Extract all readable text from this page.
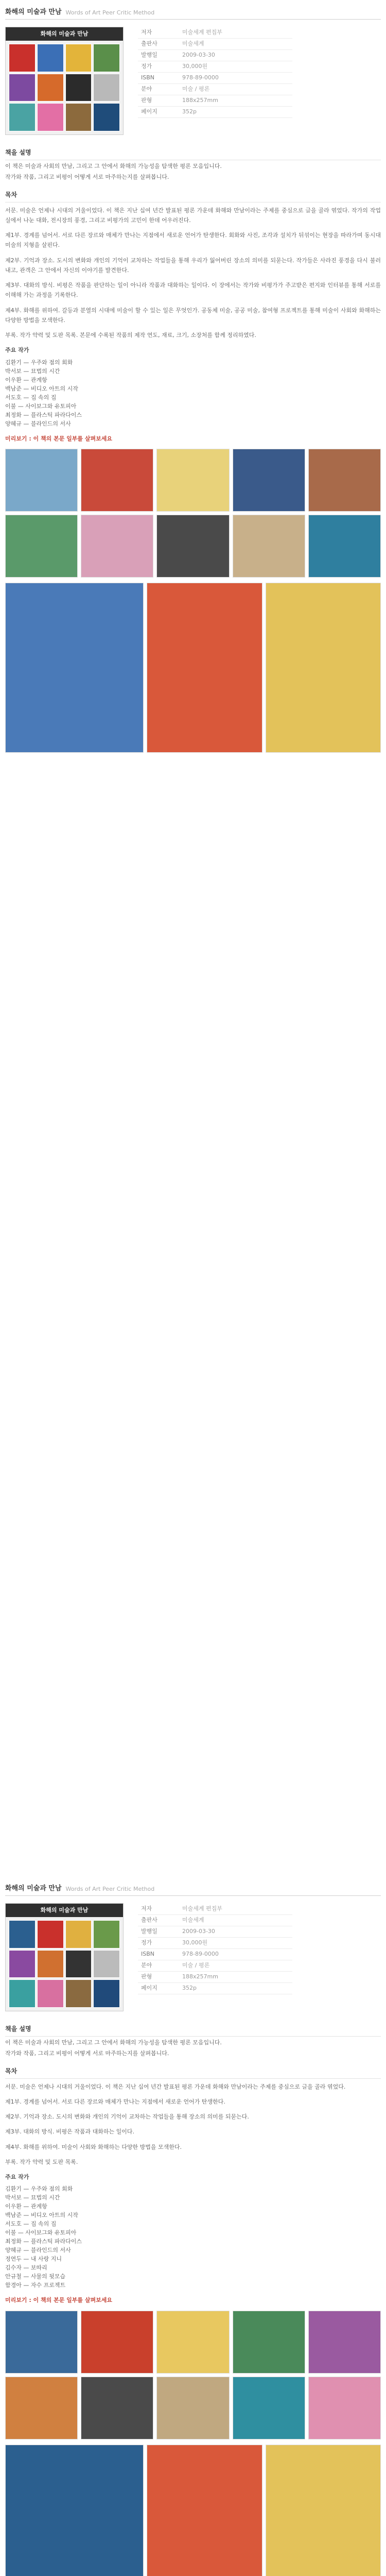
화해의 미술과 만남 Words of Art Peer Critic Method
화해의 미술과 만남	저자	미술세계 편집부
출판사	미술세계
발행일	2009-03-30
정가	30,000원
ISBN	978-89-0000
분야	미술 / 평론
판형	188x257mm
페이지	352p
책을 설명

이 책은 미술과 사회의 만남, 그리고 그 안에서 화해의 가능성을 탐색한 평론 모음입니다.

작가와 작품, 그리고 비평이 어떻게 서로 마주하는지를 살펴봅니다.

목차

서문. 미술은 언제나 시대의 거울이었다. 이 책은 지난 십여 년간 발표된 평론 가운데 화해와 만남이라는 주제를 중심으로 글을 골라 엮었다. 작가의 작업실에서 나눈 대화, 전시장의 풍경, 그리고 비평가의 고민이 한데 어우러진다.

제1부. 경계를 넘어서. 서로 다른 장르와 매체가 만나는 지점에서 새로운 언어가 탄생한다. 회화와 사진, 조각과 설치가 뒤섞이는 현장을 따라가며 동시대 미술의 지형을 살핀다.

제2부. 기억과 장소. 도시의 변화와 개인의 기억이 교차하는 작업들을 통해 우리가 잃어버린 장소의 의미를 되묻는다. 작가들은 사라진 풍경을 다시 불러내고, 관객은 그 안에서 자신의 이야기를 발견한다.

제3부. 대화의 방식. 비평은 작품을 판단하는 일이 아니라 작품과 대화하는 일이다. 이 장에서는 작가와 비평가가 주고받은 편지와 인터뷰를 통해 서로를 이해해 가는 과정을 기록한다.

제4부. 화해를 위하여. 갈등과 분열의 시대에 미술이 할 수 있는 일은 무엇인가. 공동체 미술, 공공 미술, 참여형 프로젝트를 통해 미술이 사회와 화해하는 다양한 방법을 모색한다.

부록. 작가 약력 및 도판 목록. 본문에 수록된 작품의 제작 연도, 재료, 크기, 소장처를 함께 정리하였다.

주요 작가
김환기 — 우주와 점의 회화
박서보 — 묘법의 시간
이우환 — 관계항
백남준 — 비디오 아트의 시작
서도호 — 집 속의 집
이불 — 사이보그와 유토피아
최정화 — 플라스틱 파라다이스
양혜규 — 블라인드의 서사
미리보기 : 이 책의 본문 일부를 살펴보세요
화해의 미술과 만남 Words of Art Peer Critic Method
화해의 미술과 만남	저자	미술세계 편집부
출판사	미술세계
발행일	2009-03-30
정가	30,000원
ISBN	978-89-0000
분야	미술 / 평론
판형	188x257mm
페이지	352p
책을 설명

이 책은 미술과 사회의 만남, 그리고 그 안에서 화해의 가능성을 탐색한 평론 모음입니다.

작가와 작품, 그리고 비평이 어떻게 서로 마주하는지를 살펴봅니다.

목차

서문. 미술은 언제나 시대의 거울이었다. 이 책은 지난 십여 년간 발표된 평론 가운데 화해와 만남이라는 주제를 중심으로 글을 골라 엮었다.

제1부. 경계를 넘어서. 서로 다른 장르와 매체가 만나는 지점에서 새로운 언어가 탄생한다.

제2부. 기억과 장소. 도시의 변화와 개인의 기억이 교차하는 작업들을 통해 장소의 의미를 되묻는다.

제3부. 대화의 방식. 비평은 작품과 대화하는 일이다.

제4부. 화해를 위하여. 미술이 사회와 화해하는 다양한 방법을 모색한다.

부록. 작가 약력 및 도판 목록.

주요 작가
김환기 — 우주와 점의 회화
박서보 — 묘법의 시간
이우환 — 관계항
백남준 — 비디오 아트의 시작
서도호 — 집 속의 집
이불 — 사이보그와 유토피아
최정화 — 플라스틱 파라다이스
양혜규 — 블라인드의 서사
정연두 — 내 사랑 지니
김수자 — 보따리
안규철 — 사물의 뒷모습
함경아 — 자수 프로젝트
미리보기 : 이 책의 본문 일부를 살펴보세요
